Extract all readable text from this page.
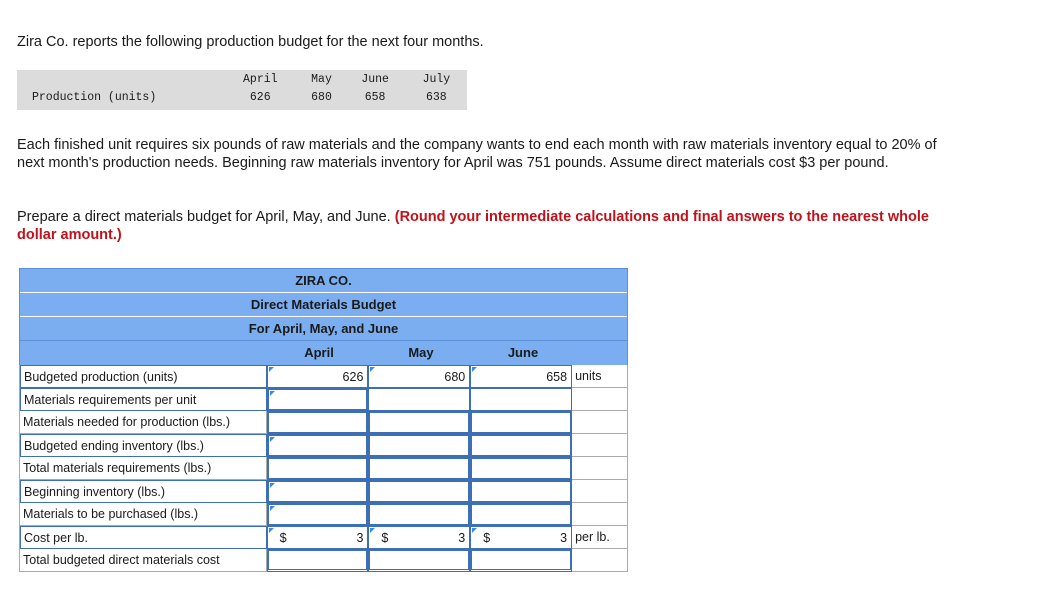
Zira Co. reports the following production budget for the next four months.
	April	May	June	July
Production (units)	626	680	658	638
Each finished unit requires six pounds of raw materials and the company wants to end each month with raw materials inventory equal to 20% of next month's production needs. Beginning raw materials inventory for April was 751 pounds. Assume direct materials cost $3 per pound.
Prepare a direct materials budget for April, May, and June. (Round your intermediate calculations and final answers to the nearest whole dollar amount.)
ZIRA CO.
Direct Materials Budget
For April, May, and June
April	May	June
Budgeted production (units)	626	680	658 units
Materials requirements per unit
Materials needed for production (lbs.)
Budgeted ending inventory (lbs.)
Total materials requirements (lbs.)
Beginning inventory (lbs.)
Materials to be purchased (lbs.)
Cost per lb.	$	3	$	3	$	3 per lb.
Total budgeted direct materials cost
